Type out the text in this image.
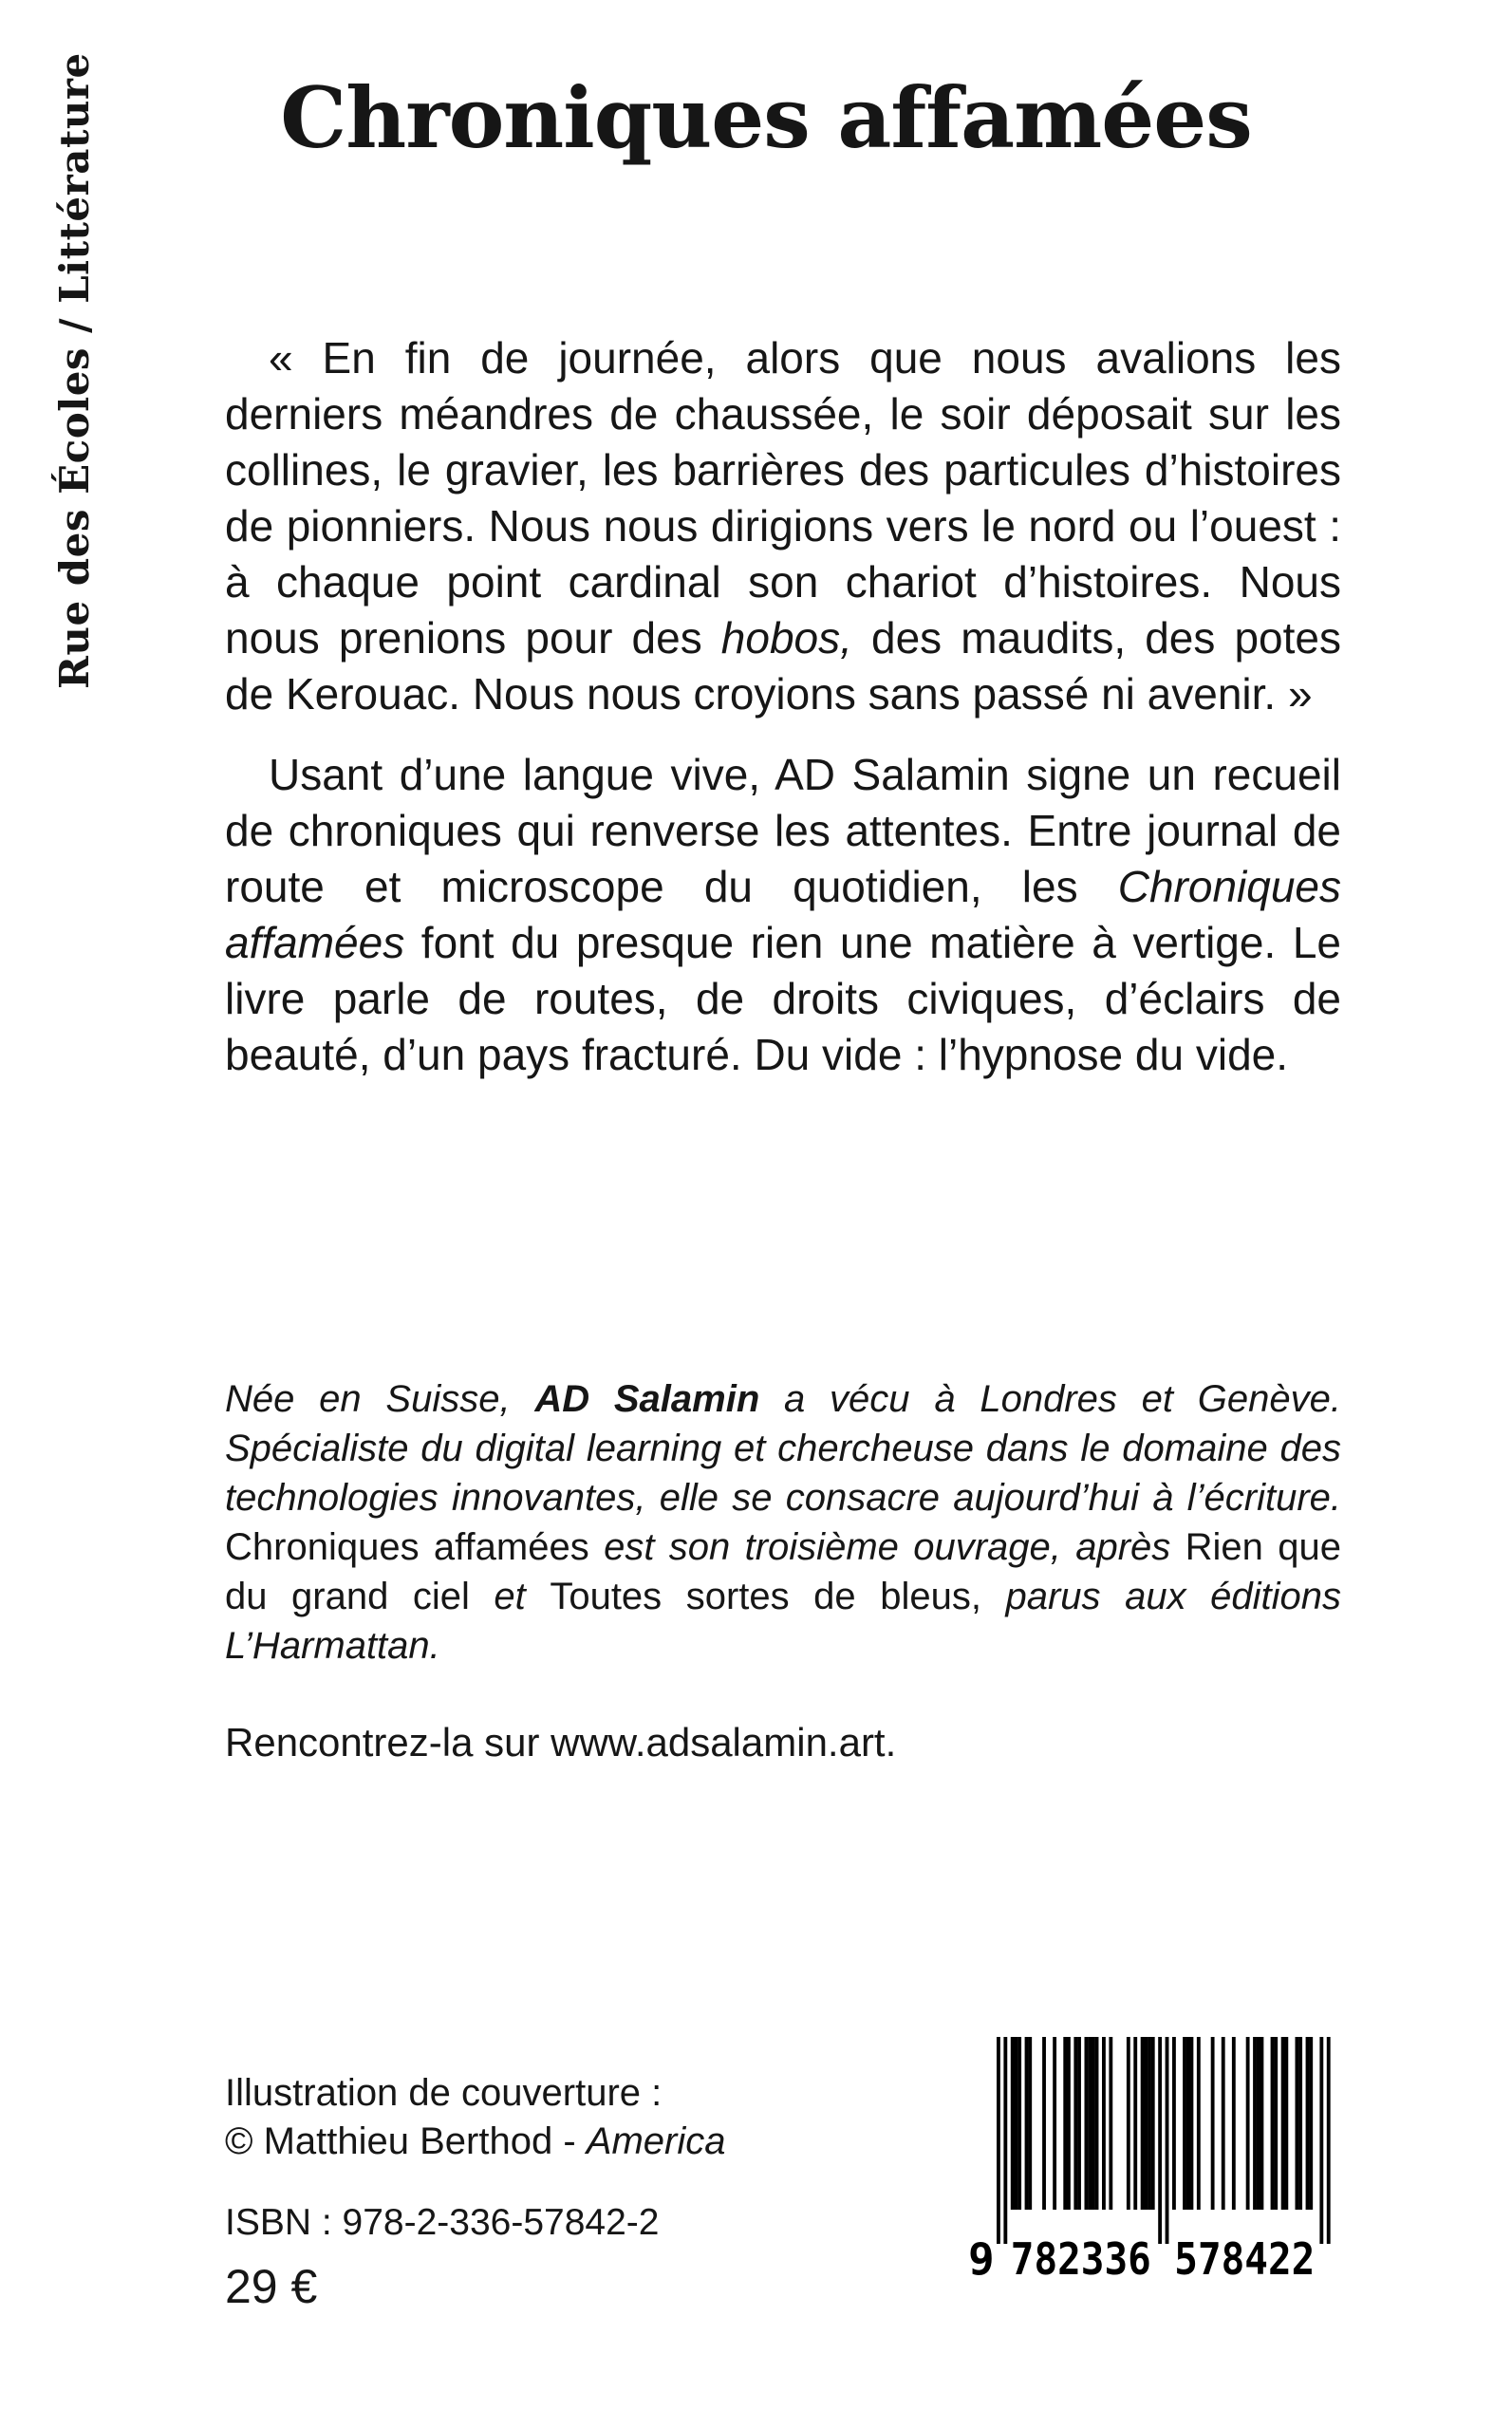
Rue des Écoles / Littérature	Chroniques affamées

« En fin de journée, alors que nous avalions les derniers méandres de chaussée, le soir déposait sur les collines, le gravier, les barrières des particules d’histoires de pionniers. Nous nous dirigions vers le nord ou l’ouest : à chaque point cardinal son chariot d’histoires. Nous nous prenions pour des hobos, des maudits, des potes de Kerouac. Nous nous croyions sans passé ni avenir. »

Usant d’une langue vive, AD Salamin signe un recueil de chroniques qui renverse les attentes. Entre journal de route et microscope du quotidien, les Chroniques affamées font du presque rien une matière à vertige. Le livre parle de routes, de droits civiques, d’éclairs de beauté, d’un pays fracturé. Du vide : l’hypnose du vide.

Née en Suisse, AD Salamin a vécu à Londres et Genève. Spécialiste du digital learning et chercheuse dans le domaine des technologies innovantes, elle se consacre aujourd’hui à l’écriture. Chroniques affamées est son troisième ouvrage, après Rien que du grand ciel et Toutes sortes de bleus, parus aux éditions L’Harmattan.
Rencontrez-la sur www.adsalamin.art.
Illustration de couverture :
© Matthieu Berthod - America
ISBN : 978-2-336-57842-2
29 €
9 782336 578422
